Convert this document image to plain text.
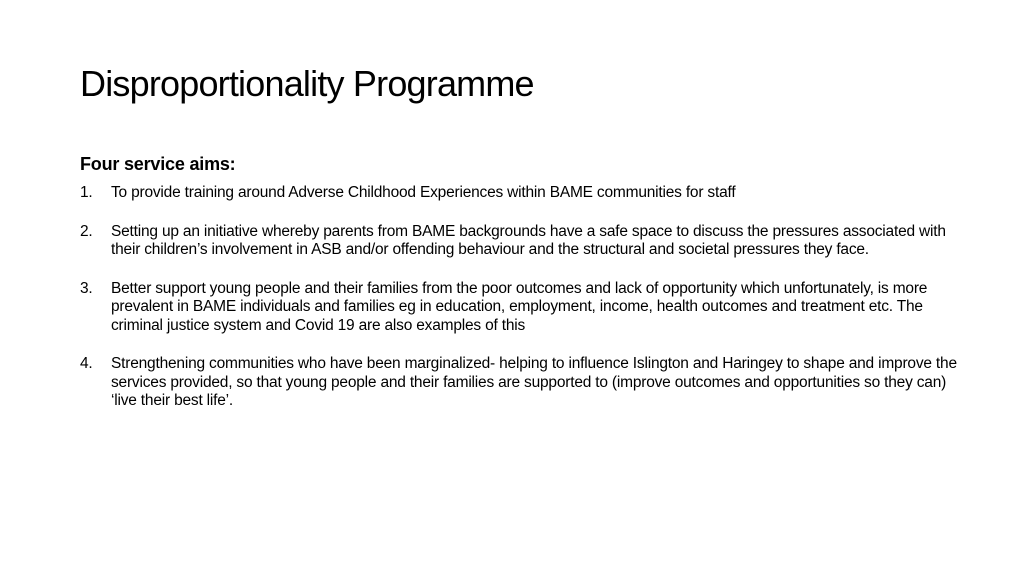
Disproportionality Programme
Four service aims:
1.	To provide training around Adverse Childhood Experiences within BAME communities for staff
2.	Setting up an initiative whereby parents from BAME backgrounds have a safe space to discuss the pressures associated with their children’s involvement in ASB and/or offending behaviour and the structural and societal pressures they face.
3.	Better support young people and their families from the poor outcomes and lack of opportunity which unfortunately, is more prevalent in BAME individuals and families eg in education, employment, income, health outcomes and treatment etc. The criminal justice system and Covid 19 are also examples of this
4.	Strengthening communities who have been marginalized- helping to influence Islington and Haringey to shape and improve the services provided, so that young people and their families are supported to (improve outcomes and opportunities so they can) ‘live their best life’.
